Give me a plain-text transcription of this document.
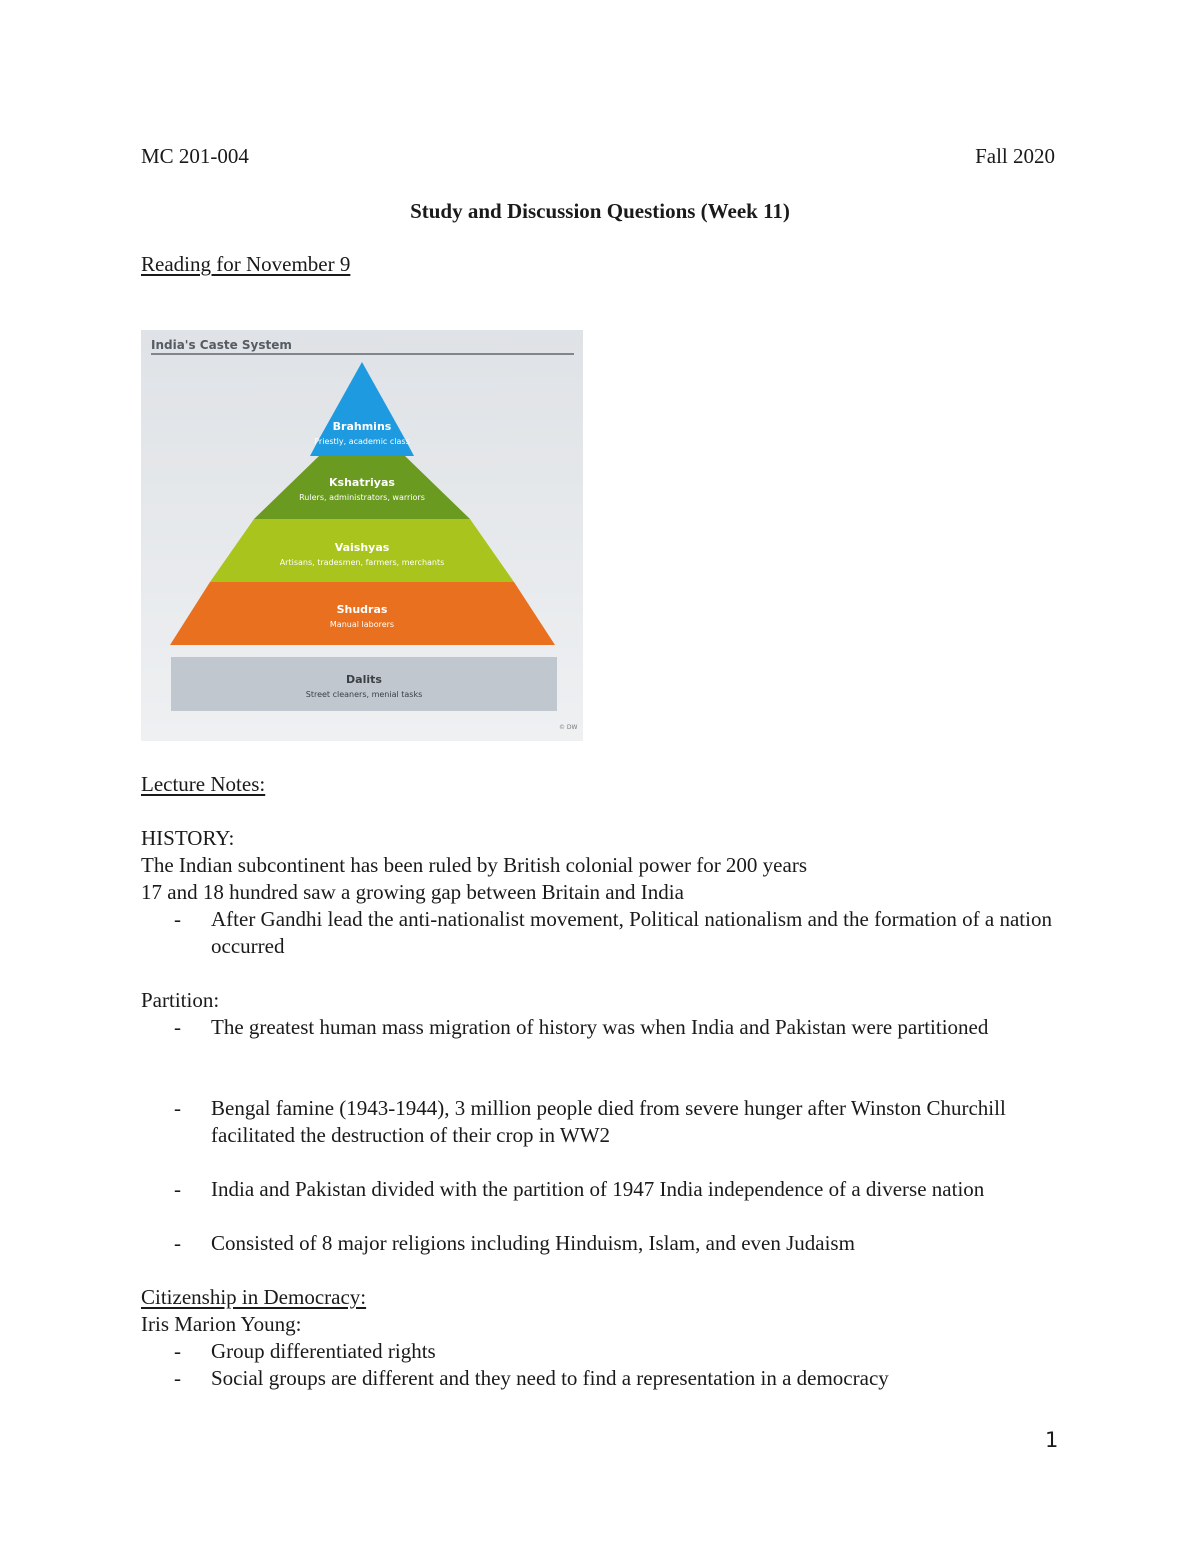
MC 201-004	Fall 2020
Study and Discussion Questions (Week 11)
Reading for November 9
India's Caste System
Brahmins
Priestly, academic class
Kshatriyas
Rulers, administrators, warriors
Vaishyas
Artisans, tradesmen, farmers, merchants
Shudras
Manual laborers
Dalits
Street cleaners, menial tasks
© DW
Lecture Notes:
HISTORY:
The Indian subcontinent has been ruled by British colonial power for 200 years
17 and 18 hundred saw a growing gap between Britain and India
- After Gandhi lead the anti-nationalist movement, Political nationalism and the formation of a nation occurred
Partition:
- The greatest human mass migration of history was when India and Pakistan were partitioned
- Bengal famine (1943-1944), 3 million people died from severe hunger after Winston Churchill facilitated the destruction of their crop in WW2
- India and Pakistan divided with the partition of 1947 India independence of a diverse nation
- Consisted of 8 major religions including Hinduism, Islam, and even Judaism
Citizenship in Democracy:
Iris Marion Young:
- Group differentiated rights
- Social groups are different and they need to find a representation in a democracy
1
